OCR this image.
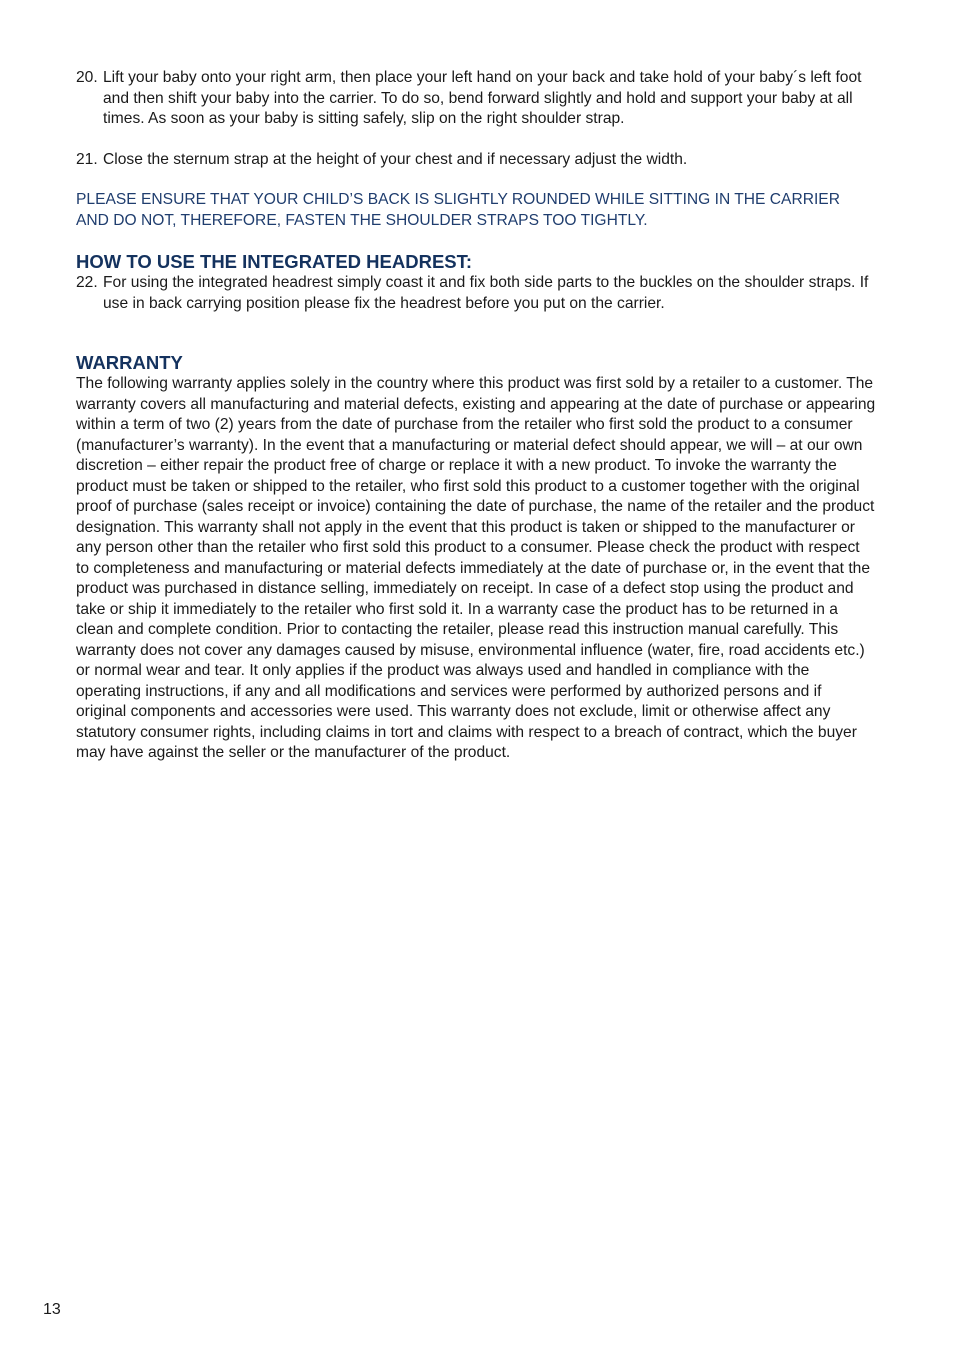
20. Lift your baby onto your right arm, then place your left hand on your back and take hold of your baby´s left foot and then shift your baby into the carrier. To do so, bend forward slightly and hold and support your baby at all times. As soon as your baby is sitting safely, slip on the right shoulder strap.
21. Close the sternum strap at the height of your chest and if necessary adjust the width.

PLEASE ENSURE THAT YOUR CHILD’S BACK IS SLIGHTLY ROUNDED WHILE SITTING IN THE CARRIER AND DO NOT, THEREFORE, FASTEN THE SHOULDER STRAPS TOO TIGHTLY.

HOW TO USE THE INTEGRATED HEADREST:
22. For using the integrated headrest simply coast it and fix both side parts to the buckles on the shoulder straps. If use in back carrying position please fix the headrest before you put on the carrier.
WARRANTY

The following warranty applies solely in the country where this product was first sold by a retailer to a customer. The warranty covers all manufacturing and material defects, existing and appearing at the date of purchase or appearing within a term of two (2) years from the date of purchase from the retailer who first sold the product to a consumer (manufacturer’s warranty). In the event that a manufacturing or material defect should appear, we will – at our own discretion – either repair the product free of charge or replace it with a new product. To invoke the warranty the product must be taken or shipped to the retailer, who first sold this product to a customer together with the original proof of purchase (sales receipt or invoice) containing the date of purchase, the name of the retailer and the product designation. This warranty shall not apply in the event that this product is taken or shipped to the manufacturer or any person other than the retailer who first sold this product to a consumer. Please check the product with respect to completeness and manufacturing or material defects immediately at the date of purchase or, in the event that the product was purchased in distance selling, immediately on receipt. In case of a defect stop using the product and take or ship it immediately to the retailer who first sold it. In a warranty case the product has to be returned in a clean and complete condition. Prior to contacting the retailer, please read this instruction manual carefully. This warranty does not cover any damages caused by misuse, environmental influence (water, fire, road accidents etc.) or normal wear and tear. It only applies if the product was always used and handled in compliance with the operating instructions, if any and all modifications and services were performed by authorized persons and if original components and accessories were used. This warranty does not exclude, limit or otherwise affect any statutory consumer rights, including claims in tort and claims with respect to a breach of contract, which the buyer may have against the seller or the manufacturer of the product.

13
